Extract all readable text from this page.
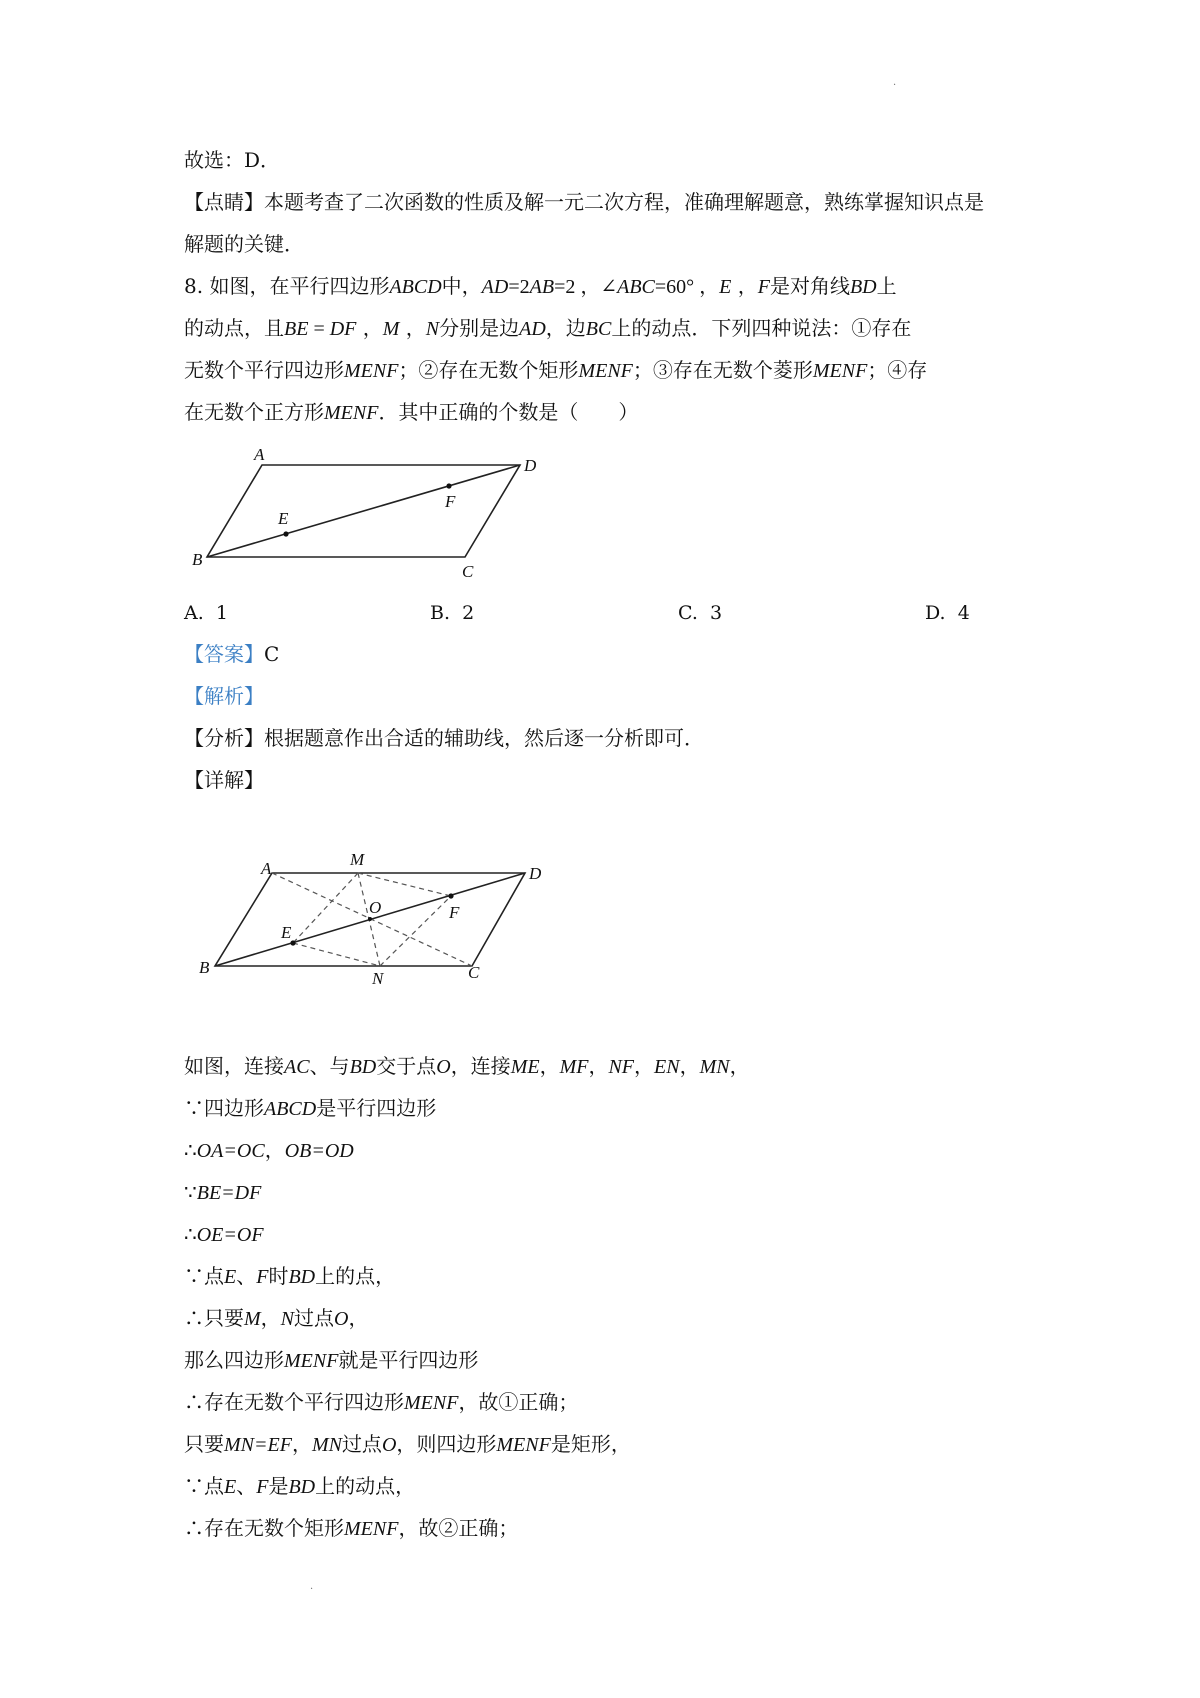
·
故选：D．
【点睛】本题考查了二次函数的性质及解一元二次方程，准确理解题意，熟练掌握知识点是
解题的关键．
8. 如图，在平行四边形ABCD中，AD=2AB=2 ，∠ABC=60° ，E ，F是对角线BD上
的动点，且BE = DF ，M ，N分别是边AD，边BC上的动点．下列四种说法：①存在
无数个平行四边形MENF；②存在无数个矩形MENF；③存在无数个菱形MENF；④存
在无数个正方形MENF．其中正确的个数是（　　）
A
D
B
C
E
F
A. 1	B. 2	C. 3	D. 4
【答案】C
【解析】
【分析】根据题意作出合适的辅助线，然后逐一分析即可．
【详解】
A	M
D
O	F
E
B
N	C
如图，连接AC、与BD交于点O，连接ME，MF，NF，EN，MN，
∵四边形ABCD是平行四边形
∴OA=OC，OB=OD
∵BE=DF
∴OE=OF
∵点E、F时BD上的点，
∴只要M，N过点O，
那么四边形MENF就是平行四边形
∴存在无数个平行四边形MENF，故①正确；
只要MN=EF，MN过点O，则四边形MENF是矩形，
∵点E、F是BD上的动点，
∴存在无数个矩形MENF，故②正确；
·
